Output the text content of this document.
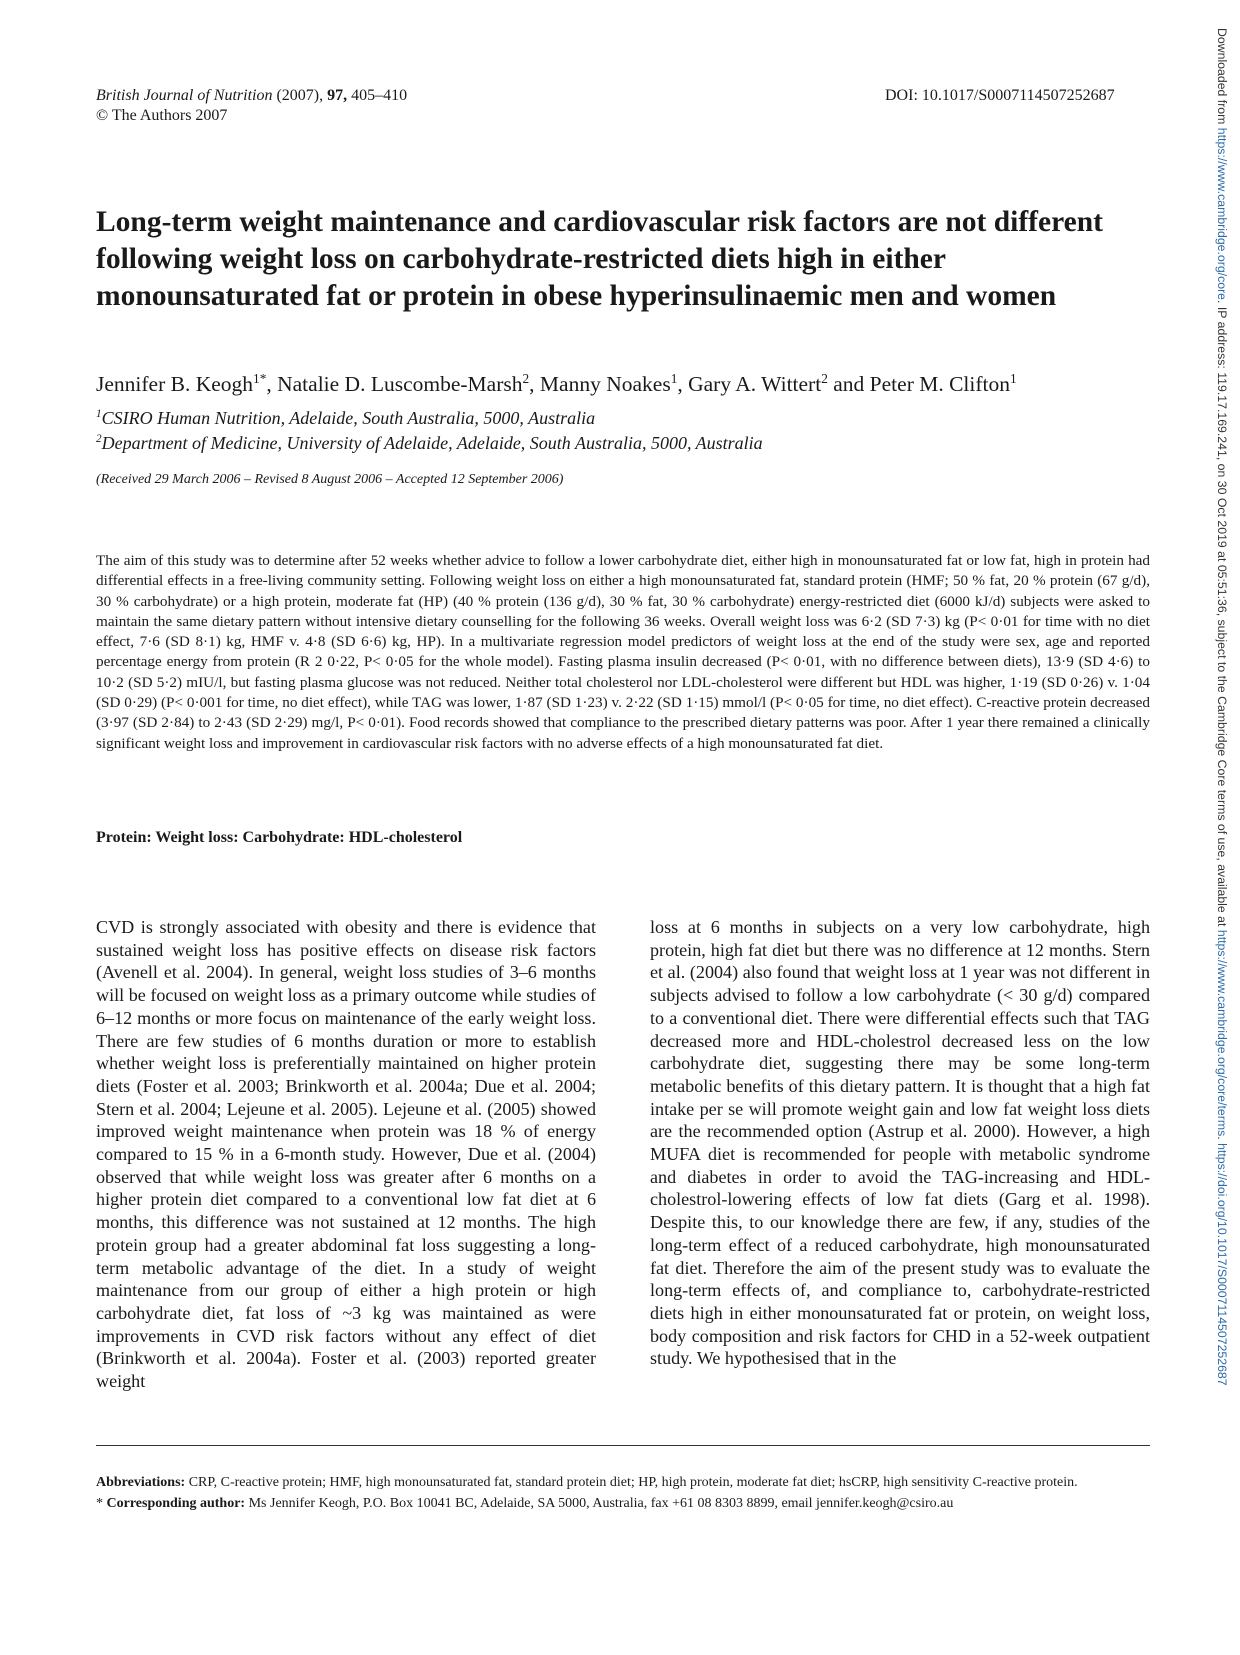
British Journal of Nutrition (2007), 97, 405–410
© The Authors 2007
DOI: 10.1017/S0007114507252687
Long-term weight maintenance and cardiovascular risk factors are not different following weight loss on carbohydrate-restricted diets high in either monounsaturated fat or protein in obese hyperinsulinaemic men and women
Jennifer B. Keogh$^{1*}$, Natalie D. Luscombe-Marsh$^2$, Manny Noakes$^1$, Gary A. Wittert$^2$ and Peter M. Clifton$^1$
$^1$CSIRO Human Nutrition, Adelaide, South Australia, 5000, Australia
$^2$Department of Medicine, University of Adelaide, Adelaide, South Australia, 5000, Australia
(Received 29 March 2006 – Revised 8 August 2006 – Accepted 12 September 2006)
The aim of this study was to determine after 52 weeks whether advice to follow a lower carbohydrate diet, either high in monounsaturated fat or low fat, high in protein had differential effects in a free-living community setting. Following weight loss on either a high monounsaturated fat, standard protein (HMF; 50 % fat, 20 % protein (67 g/d), 30 % carbohydrate) or a high protein, moderate fat (HP) (40 % protein (136 g/d), 30 % fat, 30 % carbohydrate) energy-restricted diet (6000 kJ/d) subjects were asked to maintain the same dietary pattern without intensive dietary counselling for the following 36 weeks. Overall weight loss was 6·2 (SD 7·3) kg (P< 0·01 for time with no diet effect, 7·6 (SD 8·1) kg, HMF v. 4·8 (SD 6·6) kg, HP). In a multivariate regression model predictors of weight loss at the end of the study were sex, age and reported percentage energy from protein (R 2 0·22, P< 0·05 for the whole model). Fasting plasma insulin decreased (P< 0·01, with no difference between diets), 13·9 (SD 4·6) to 10·2 (SD 5·2) mIU/l, but fasting plasma glucose was not reduced. Neither total cholesterol nor LDL-cholesterol were different but HDL was higher, 1·19 (SD 0·26) v. 1·04 (SD 0·29) (P< 0·001 for time, no diet effect), while TAG was lower, 1·87 (SD 1·23) v. 2·22 (SD 1·15) mmol/l (P< 0·05 for time, no diet effect). C-reactive protein decreased (3·97 (SD 2·84) to 2·43 (SD 2·29) mg/l, P< 0·01). Food records showed that compliance to the prescribed dietary patterns was poor. After 1 year there remained a clinically significant weight loss and improvement in cardiovascular risk factors with no adverse effects of a high monounsaturated fat diet.
Protein: Weight loss: Carbohydrate: HDL-cholesterol

CVD is strongly associated with obesity and there is evidence that sustained weight loss has positive effects on disease risk factors (Avenell et al. 2004). In general, weight loss studies of 3–6 months will be focused on weight loss as a primary outcome while studies of 6–12 months or more focus on maintenance of the early weight loss. There are few studies of 6 months duration or more to establish whether weight loss is preferentially maintained on higher protein diets (Foster et al. 2003; Brinkworth et al. 2004a; Due et al. 2004; Stern et al. 2004; Lejeune et al. 2005). Lejeune et al. (2005) showed improved weight maintenance when protein was 18 % of energy compared to 15 % in a 6-month study. However, Due et al. (2004) observed that while weight loss was greater after 6 months on a higher protein diet compared to a conventional low fat diet at 6 months, this difference was not sustained at 12 months. The high protein group had a greater abdominal fat loss suggesting a long-term metabolic advantage of the diet. In a study of weight maintenance from our group of either a high protein or high carbohydrate diet, fat loss of ~3 kg was maintained as were improvements in CVD risk factors without any effect of diet (Brinkworth et al. 2004a). Foster et al. (2003) reported greater weight

loss at 6 months in subjects on a very low carbohydrate, high protein, high fat diet but there was no difference at 12 months. Stern et al. (2004) also found that weight loss at 1 year was not different in subjects advised to follow a low carbohydrate (< 30 g/d) compared to a conventional diet. There were differential effects such that TAG decreased more and HDL-cholestrol decreased less on the low carbohydrate diet, suggesting there may be some long-term metabolic benefits of this dietary pattern. It is thought that a high fat intake per se will promote weight gain and low fat weight loss diets are the recommended option (Astrup et al. 2000). However, a high MUFA diet is recommended for people with metabolic syndrome and diabetes in order to avoid the TAG-increasing and HDL-cholestrol-lowering effects of low fat diets (Garg et al. 1998). Despite this, to our knowledge there are few, if any, studies of the long-term effect of a reduced carbohydrate, high monounsaturated fat diet. Therefore the aim of the present study was to evaluate the long-term effects of, and compliance to, carbohydrate-restricted diets high in either monounsaturated fat or protein, on weight loss, body composition and risk factors for CHD in a 52-week outpatient study. We hypothesised that in the

Abbreviations: CRP, C-reactive protein; HMF, high monounsaturated fat, standard protein diet; HP, high protein, moderate fat diet; hsCRP, high sensitivity C-reactive protein.

* Corresponding author: Ms Jennifer Keogh, P.O. Box 10041 BC, Adelaide, SA 5000, Australia, fax +61 08 8303 8899, email jennifer.keogh@csiro.au

Downloaded from https://www.cambridge.org/core. IP address: 119.17.169.241, on 30 Oct 2019 at 05:51:36, subject to the Cambridge Core terms of use, available at https://www.cambridge.org/core/terms. https://doi.org/10.1017/S0007114507252687
